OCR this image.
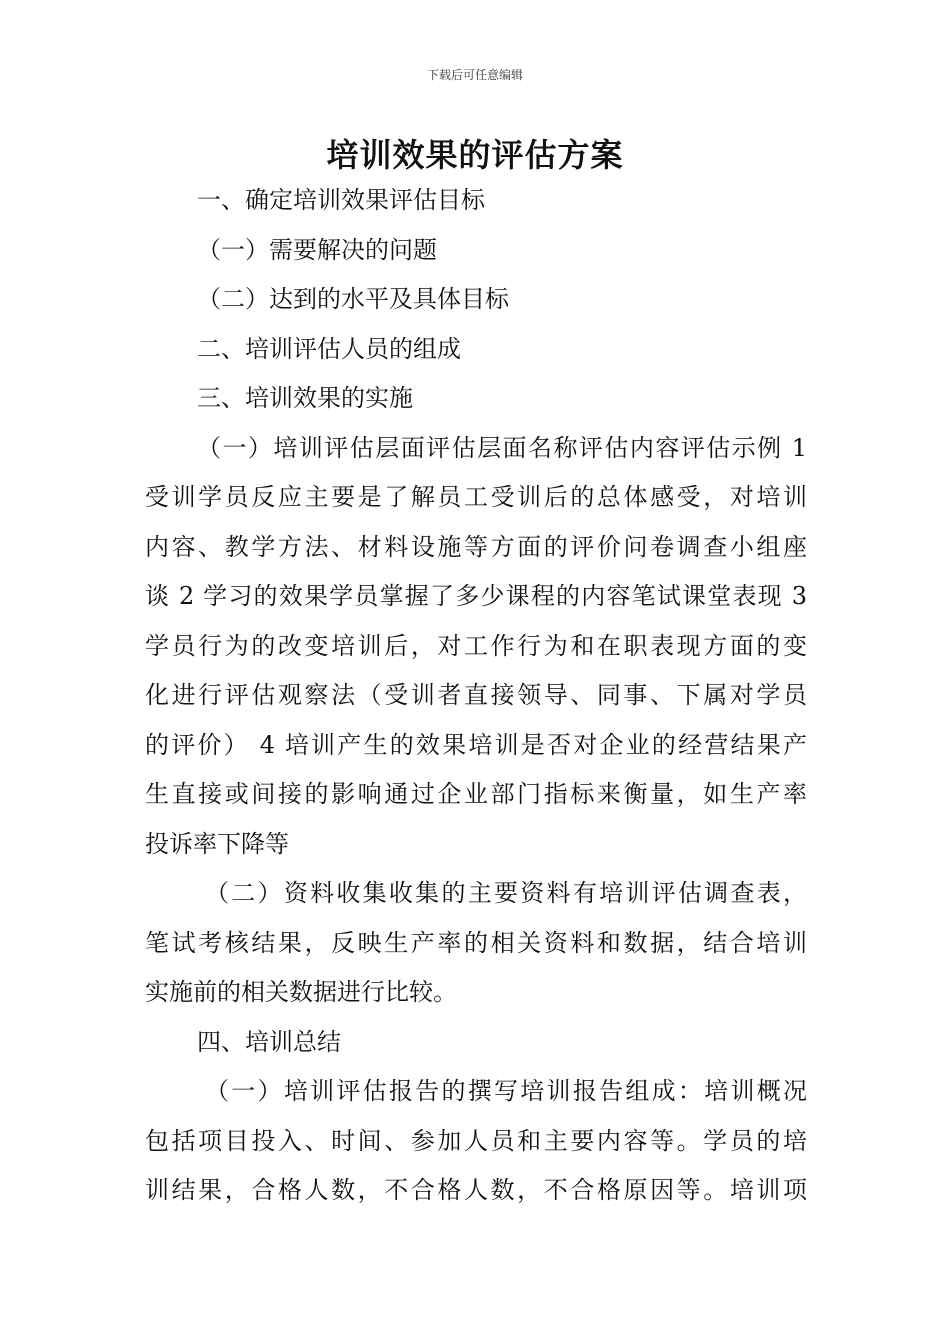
下载后可任意编辑
培训效果的评估方案
一、确定培训效果评估目标
（一）需要解决的问题
（二）达到的水平及具体目标
二、培训评估人员的组成
三、培训效果的实施
（一）培训评估层面评估层面名称评估内容评估示例 1
受训学员反应主要是了解员工受训后的总体感受，对培训
内容、教学方法、材料设施等方面的评价问卷调查小组座
谈 2 学习的效果学员掌握了多少课程的内容笔试课堂表现 3
学员行为的改变培训后，对工作行为和在职表现方面的变
化进行评估观察法（受训者直接领导、同事、下属对学员
的评价） 4 培训产生的效果培训是否对企业的经营结果产
生直接或间接的影响通过企业部门指标来衡量，如生产率
投诉率下降等
（二）资料收集收集的主要资料有培训评估调查表，
笔试考核结果，反映生产率的相关资料和数据，结合培训
实施前的相关数据进行比较。
四、培训总结
（一）培训评估报告的撰写培训报告组成：培训概况
包括项目投入、时间、参加人员和主要内容等。学员的培
训结果，合格人数，不合格人数，不合格原因等。培训项
